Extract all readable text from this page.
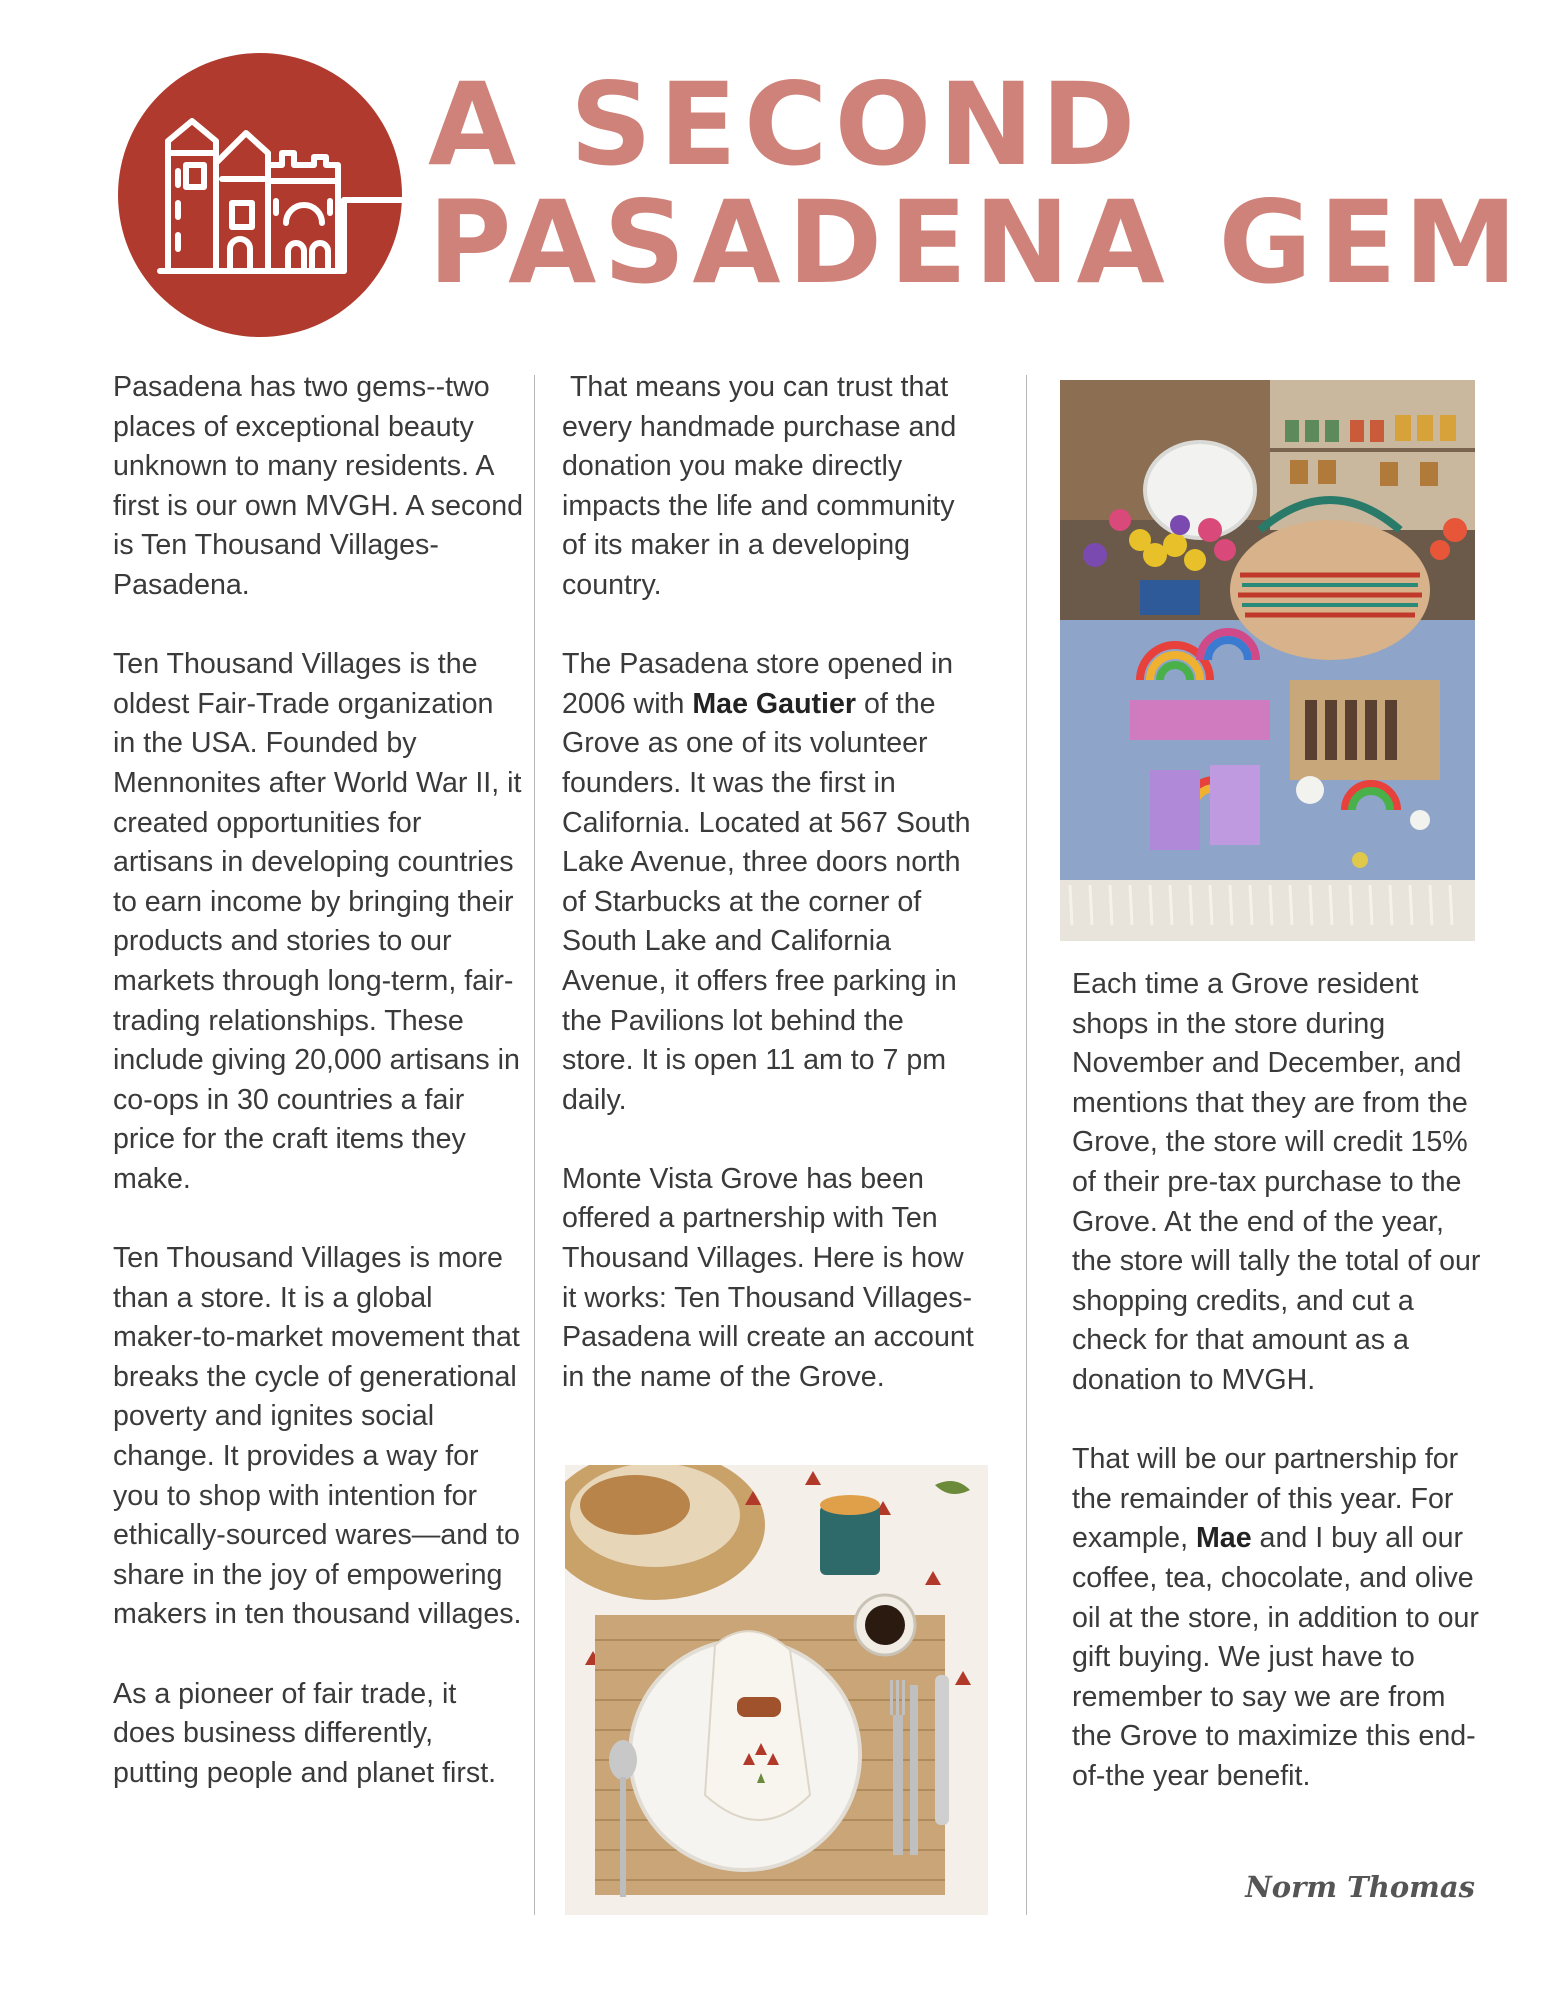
A SECOND
PASADENA GEM

Pasadena has two gems--two places of exceptional beauty unknown to many residents. A first is our own MVGH. A second is Ten Thousand Villages-Pasadena.

Ten Thousand Villages is the oldest Fair-Trade organization in the USA. Founded by Mennonites after World War II, it created opportunities for artisans in developing countries to earn income by bringing their products and stories to our markets through long-term, fair-trading relationships. These include giving 20,000 artisans in co-ops in 30 countries a fair price for the craft items they make.

Ten Thousand Villages is more than a store. It is a global maker-to-market movement that breaks the cycle of generational poverty and ignites social change. It provides a way for you to shop with intention for ethically-sourced wares—and to share in the joy of empowering makers in ten thousand villages.

As a pioneer of fair trade, it does business differently, putting people and planet first.

That means you can trust that every handmade purchase and donation you make directly impacts the life and community of its maker in a developing country.

The Pasadena store opened in 2006 with Mae Gautier of the Grove as one of its volunteer founders. It was the first in California. Located at 567 South Lake Avenue, three doors north of Starbucks at the corner of South Lake and California Avenue, it offers free parking in the Pavilions lot behind the store. It is open 11 am to 7 pm daily.

Monte Vista Grove has been offered a partnership with Ten Thousand Villages. Here is how it works: Ten Thousand Villages-Pasadena will create an account in the name of the Grove.

Each time a Grove resident shops in the store during November and December, and mentions that they are from the Grove, the store will credit 15% of their pre-tax purchase to the Grove. At the end of the year, the store will tally the total of our shopping credits, and cut a check for that amount as a donation to MVGH.

That will be our partnership for the remainder of this year. For example, Mae and I buy all our coffee, tea, chocolate, and olive oil at the store, in addition to our gift buying. We just have to remember to say we are from the Grove to maximize this end-of-the year benefit.

Norm Thomas
